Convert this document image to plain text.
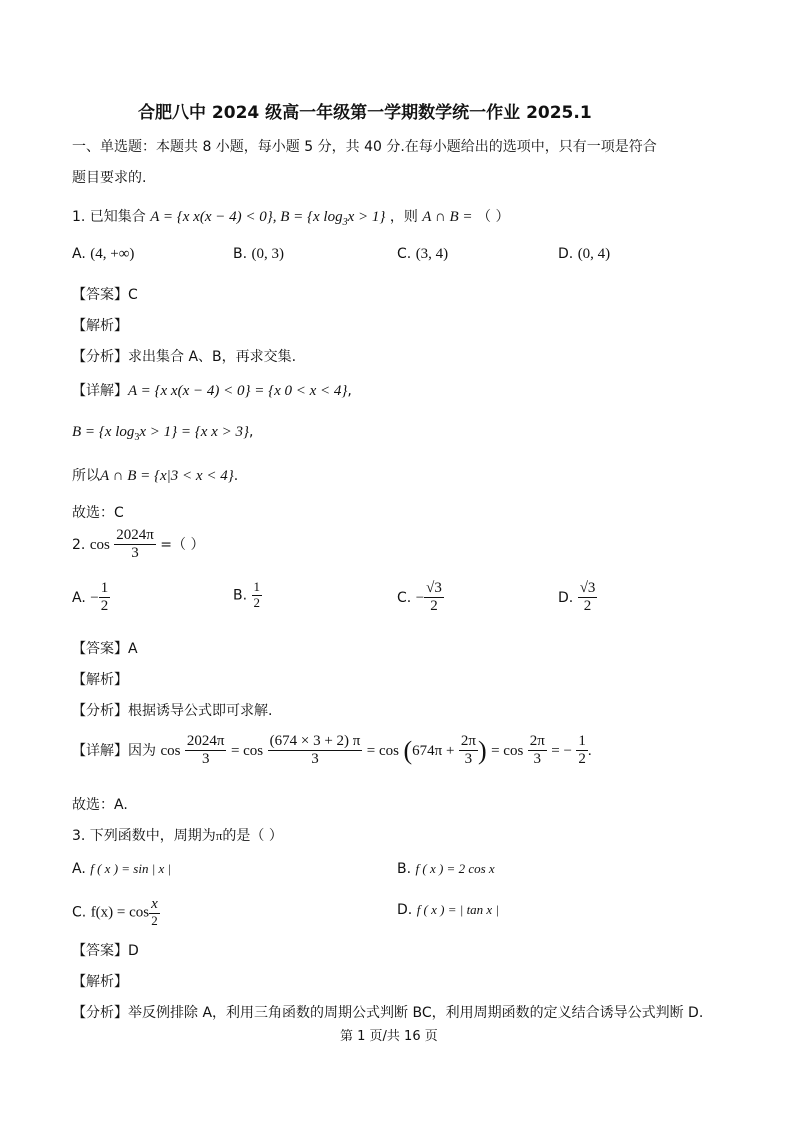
合肥八中 2024 级高一年级第一学期数学统一作业 2025.1
一、单选题：本题共 8 小题，每小题 5 分，共 40 分.在每小题给出的选项中，只有一项是符合
题目要求的.
1. 已知集合 A = {x x(x − 4) < 0}, B = {x $\log_3x > 1$} ，则 A ∩ B = （ ）
A. (4, +∞)	B. (0, 3)	C. (3, 4)	D. (0, 4)
【答案】C
【解析】
【分析】求出集合 A、B，再求交集.
【详解】A = {x x(x − 4) < 0} = {x 0 < x < 4},
B = {x $\log_3x > 1\} = \{x$ x > 3},
所以A ∩ B = {x|3 < x < 4}.
故选：C
2. $\cos \frac{2024\pi}{3}$ =（ ）
A. − $\frac{1}{2}$	B. $\frac{1}{2}$	C. − $\frac{√3}{2}$	D. $\frac{√3}{2}$
【答案】A
【解析】
【分析】根据诱导公式即可求解.
【详解】因为 $\cos \frac{2024\pi}{3} = \cos \frac{(674 \times 3 + 2) \pi}{3} = \cos (674\pi + \frac{2\pi}{3}$ ) = $\cos \frac{2\pi}{3}$ = − $\frac{1}{2}$ .
故选：A.
3. 下列函数中，周期为π的是（ ）
A. f ( x ) = sin | x |	B. f ( x ) = 2 cos x
C. $f(x) = \cos \frac{x}{2}$	D. f ( x ) = | tan x |
【答案】D
【解析】
【分析】举反例排除 A，利用三角函数的周期公式判断 BC，利用周期函数的定义结合诱导公式判断 D.
第 1 页/共 16 页
